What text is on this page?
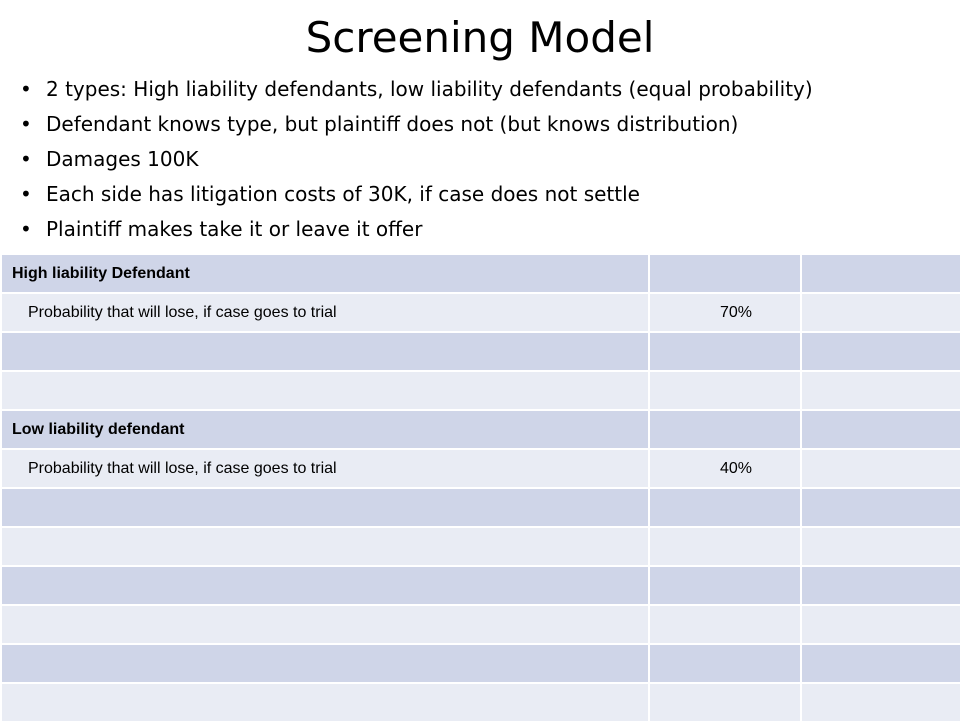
Screening Model
• 2 types: High liability defendants, low liability defendants (equal probability)
• Defendant knows type, but plaintiff does not (but knows distribution)
• Damages 100K
• Each side has litigation costs of 30K, if case does not settle
• Plaintiff makes take it or leave it offer
High liability Defendant		
Probability that will lose, if case goes to trial	70%	

Low liability defendant		
Probability that will lose, if case goes to trial	40%	
